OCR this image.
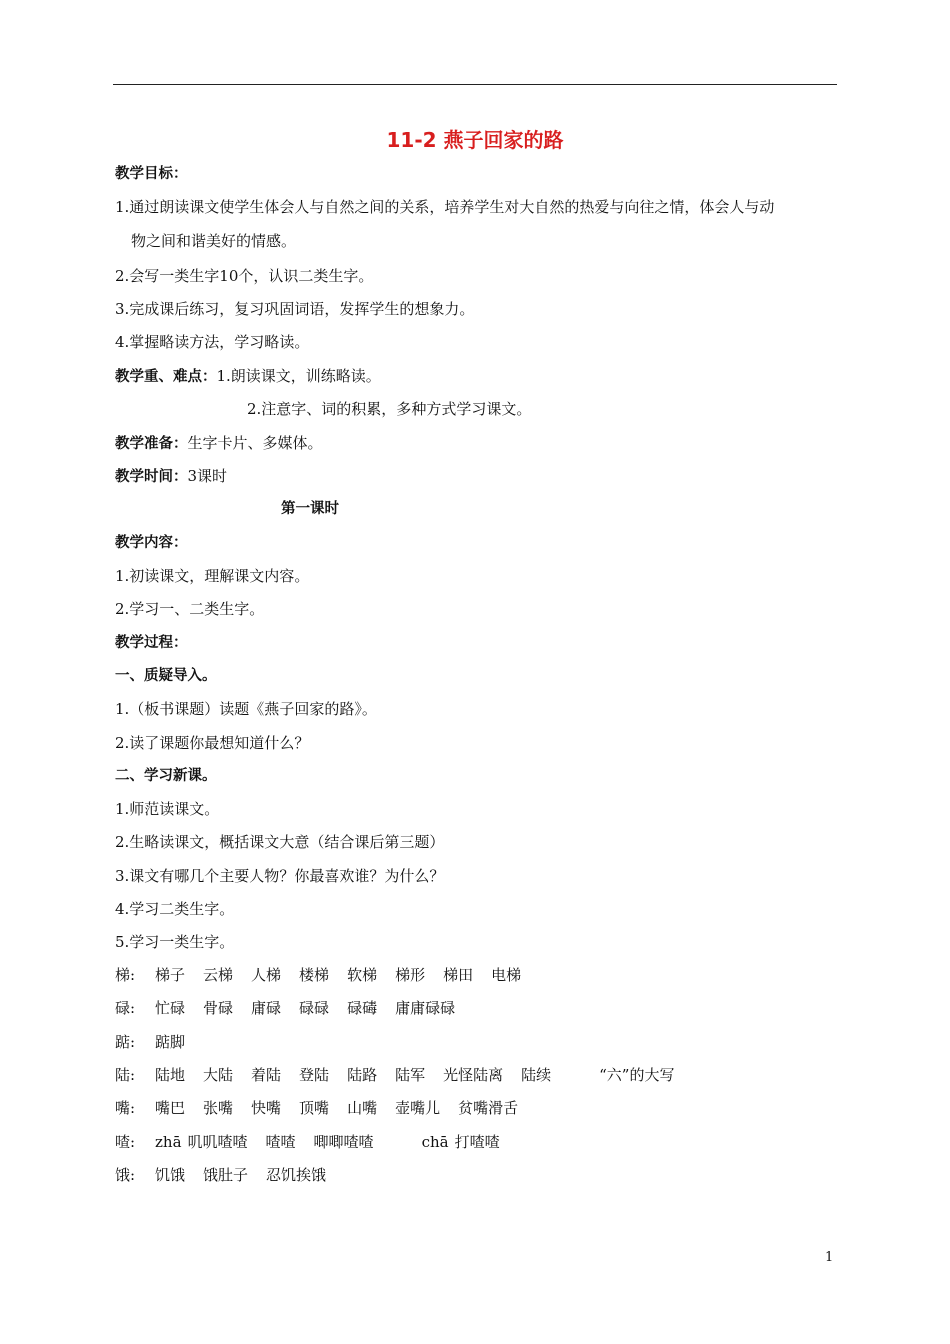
11-2 燕子回家的路
教学目标：
1.通过朗读课文使学生体会人与自然之间的关系，培养学生对大自然的热爱与向往之情，体会人与动
物之间和谐美好的情感。
2.会写一类生字10个，认识二类生字。
3.完成课后练习，复习巩固词语，发挥学生的想象力。
4.掌握略读方法，学习略读。
教学重、难点：1.朗读课文，训练略读。
2.注意字、词的积累，多种方式学习课文。
教学准备：生字卡片、多媒体。
教学时间：3课时
第一课时
教学内容：
1.初读课文，理解课文内容。
2.学习一、二类生字。
教学过程：
一、质疑导入。
1.（板书课题）读题《燕子回家的路》。
2.读了课题你最想知道什么？
二、学习新课。
1.师范读课文。
2.生略读课文，概括课文大意（结合课后第三题）
3.课文有哪几个主要人物？你最喜欢谁？为什么？
4.学习二类生字。
5.学习一类生字。
梯: 梯子 云梯 人梯 楼梯 软梯 梯形 梯田 电梯
碌: 忙碌 骨碌 庸碌 碌碌 碌碡 庸庸碌碌
踮: 踮脚
陆: 陆地 大陆 着陆 登陆 陆路 陆军 光怪陆离 陆续	“六”的大写
嘴: 嘴巴 张嘴 快嘴 顶嘴 山嘴 壶嘴儿 贫嘴滑舌
喳: zhā 叽叽喳喳 喳喳 唧唧喳喳	chā 打喳喳
饿: 饥饿 饿肚子 忍饥挨饿
1
